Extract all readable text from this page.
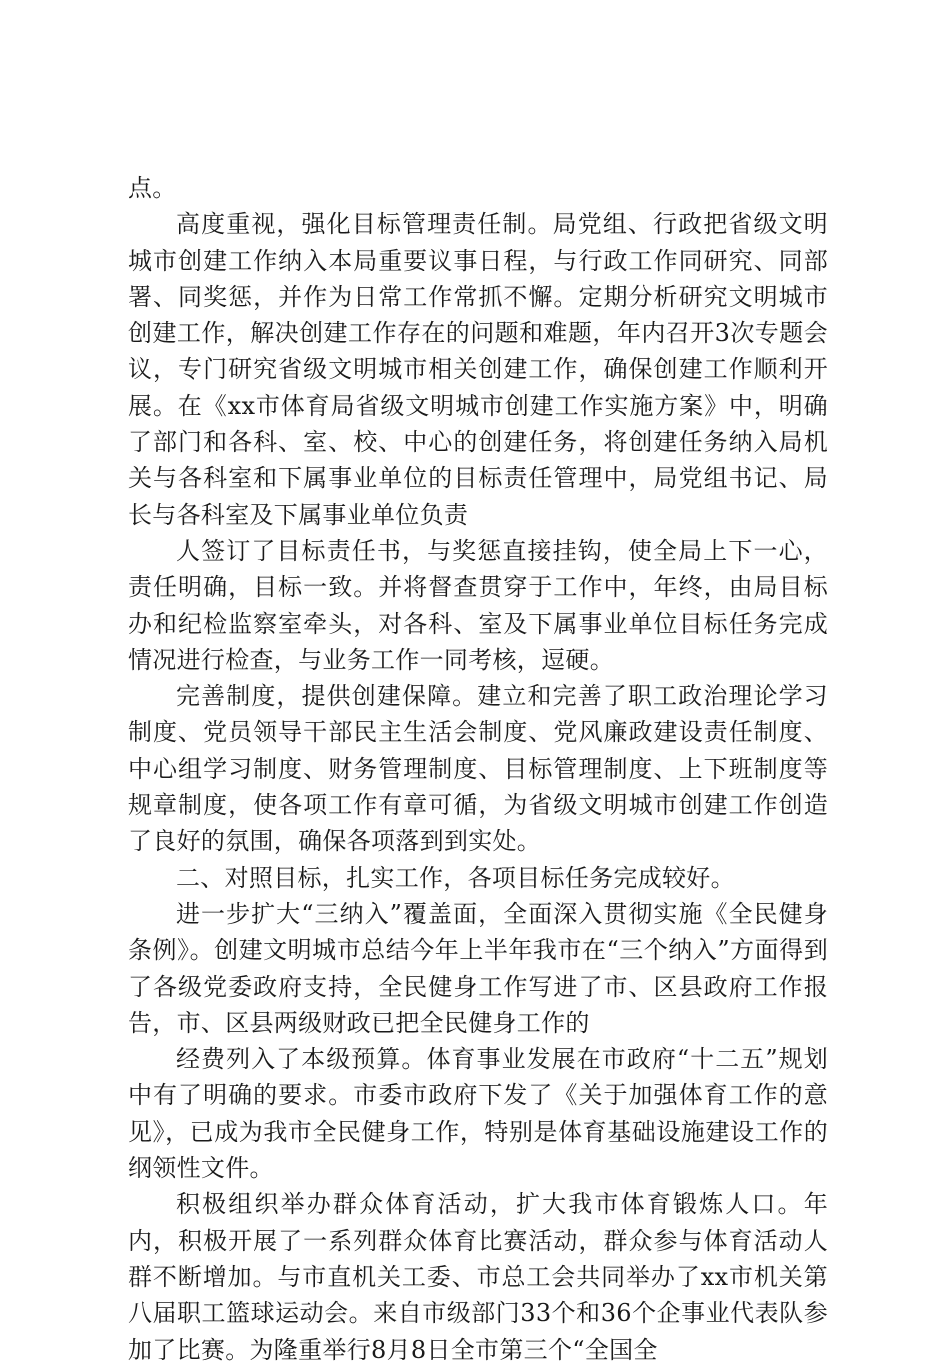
点。

高度重视，强化目标管理责任制。局党组、行政把省级文明城市创建工作纳入本局重要议事日程，与行政工作同研究、同部署、同奖惩，并作为日常工作常抓不懈。定期分析研究文明城市创建工作，解决创建工作存在的问题和难题，年内召开3次专题会议，专门研究省级文明城市相关创建工作，确保创建工作顺利开展。在《xx市体育局省级文明城市创建工作实施方案》中，明确了部门和各科、室、校、中心的创建任务，将创建任务纳入局机关与各科室和下属事业单位的目标责任管理中，局党组书记、局长与各科室及下属事业单位负责

人签订了目标责任书，与奖惩直接挂钩，使全局上下一心，责任明确，目标一致。并将督查贯穿于工作中，年终，由局目标办和纪检监察室牵头，对各科、室及下属事业单位目标任务完成情况进行检查，与业务工作一同考核，逗硬。

完善制度，提供创建保障。建立和完善了职工政治理论学习制度、党员领导干部民主生活会制度、党风廉政建设责任制度、中心组学习制度、财务管理制度、目标管理制度、上下班制度等规章制度，使各项工作有章可循，为省级文明城市创建工作创造了良好的氛围，确保各项落到到实处。

二、对照目标，扎实工作，各项目标任务完成较好。

进一步扩大“三纳入”覆盖面，全面深入贯彻实施《全民健身条例》。创建文明城市总结今年上半年我市在“三个纳入”方面得到了各级党委政府支持，全民健身工作写进了市、区县政府工作报告，市、区县两级财政已把全民健身工作的

经费列入了本级预算。体育事业发展在市政府“十二五”规划中有了明确的要求。市委市政府下发了《关于加强体育工作的意见》，已成为我市全民健身工作，特别是体育基础设施建设工作的纲领性文件。

积极组织举办群众体育活动，扩大我市体育锻炼人口。年内，积极开展了一系列群众体育比赛活动，群众参与体育活动人群不断增加。与市直机关工委、市总工会共同举办了xx市机关第八届职工篮球运动会。来自市级部门33个和36个企事业代表队参加了比赛。为隆重举行8月8日全市第三个“全国全
